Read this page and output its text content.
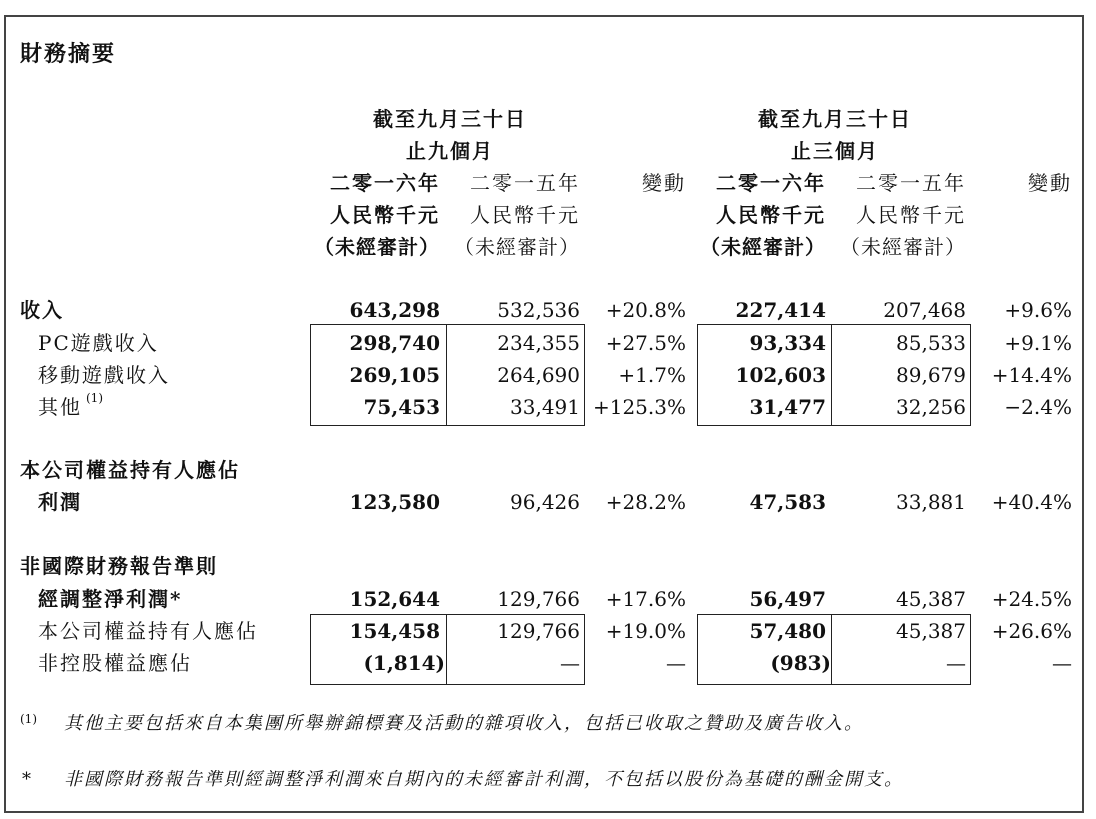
財務摘要
截至九月三十日
止九個月
截至九月三十日
止三個月
二零一六年 二零一五年	變動
人民幣千元 人民幣千元
（未經審計） （未經審計）
二零一六年 二零一五年	變動
人民幣千元 人民幣千元
（未經審計） （未經審計）
收入	643,298	532,536 +20.8% 227,414	207,468 +9.6%
PC遊戲收入	298,740	234,355 +27.5%	93,334	85,533 +9.1%
移動遊戲收入	269,105	264,690 +1.7% 102,603	89,679 +14.4%
其他 (1)	75,453	33,491 +125.3%	31,477	32,256 −2.4%
本公司權益持有人應佔
利潤	123,580	96,426 +28.2%	47,583	33,881 +40.4%
非國際財務報告準則
經調整淨利潤*	152,644	129,766 +17.6%	56,497	45,387 +24.5%
本公司權益持有人應佔	154,458	129,766 +19.0%	57,480	45,387 +26.6%
非控股權益應佔	(1,814)	—	—	(983)	—	—
(1) 其他主要包括來自本集團所舉辦錦標賽及活動的雜項收入，包括已收取之贊助及廣告收入。
* 非國際財務報告準則經調整淨利潤來自期內的未經審計利潤，不包括以股份為基礎的酬金開支。
